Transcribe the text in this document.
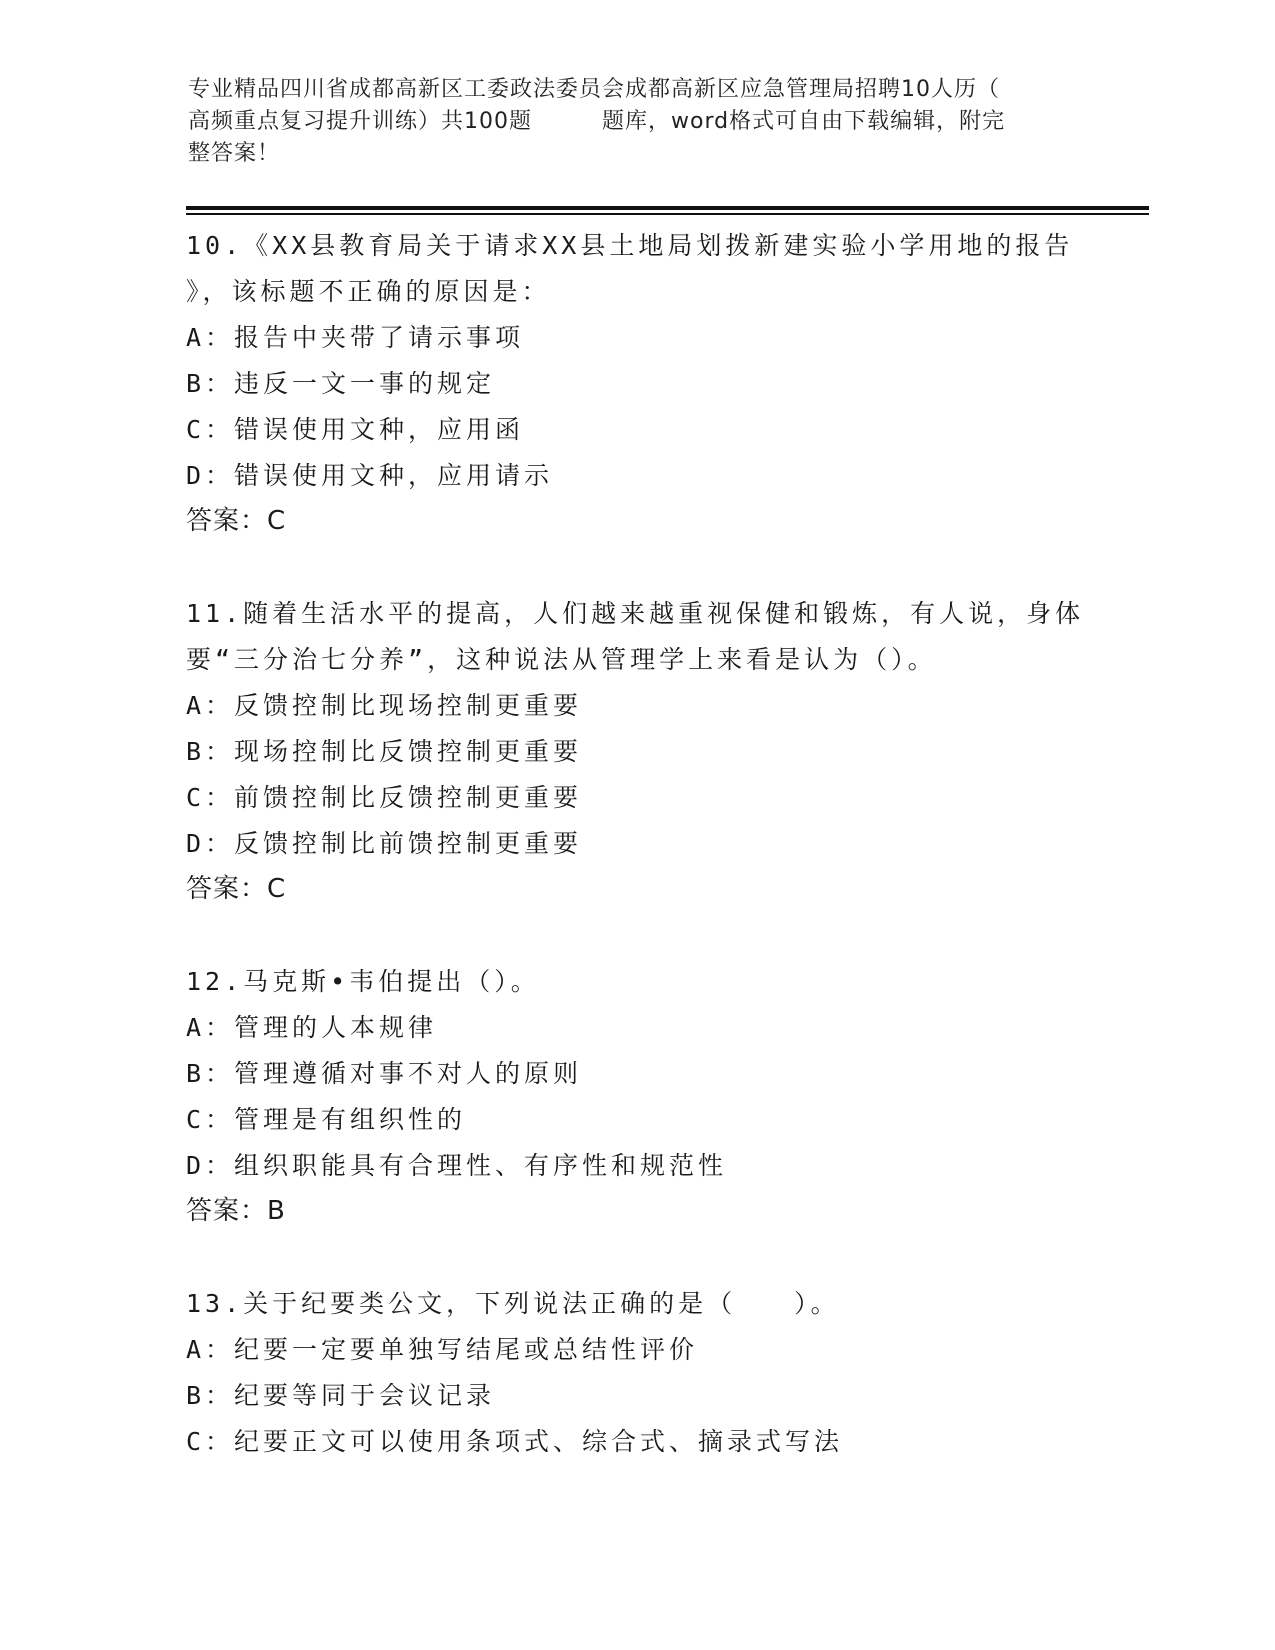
专业精品四川省成都高新区工委政法委员会成都高新区应急管理局招聘10人历（
高频重点复习提升训练）共100题	题库，word格式可自由下载编辑，附完
整答案！
10.《XX县教育局关于请求XX县土地局划拨新建实验小学用地的报告
》，该标题不正确的原因是：
A：报告中夹带了请示事项
B：违反一文一事的规定
C：错误使用文种，应用函
D：错误使用文种，应用请示
答案：C
11.随着生活水平的提高，人们越来越重视保健和锻炼，有人说，身体
要“三分治七分养”，这种说法从管理学上来看是认为（）。
A：反馈控制比现场控制更重要
B：现场控制比反馈控制更重要
C：前馈控制比反馈控制更重要
D：反馈控制比前馈控制更重要
答案：C
12.马克斯•韦伯提出（）。
A：管理的人本规律
B：管理遵循对事不对人的原则
C：管理是有组织性的
D：组织职能具有合理性、有序性和规范性
答案：B
13.关于纪要类公文，下列说法正确的是（　　）。
A：纪要一定要单独写结尾或总结性评价
B：纪要等同于会议记录
C：纪要正文可以使用条项式、综合式、摘录式写法
